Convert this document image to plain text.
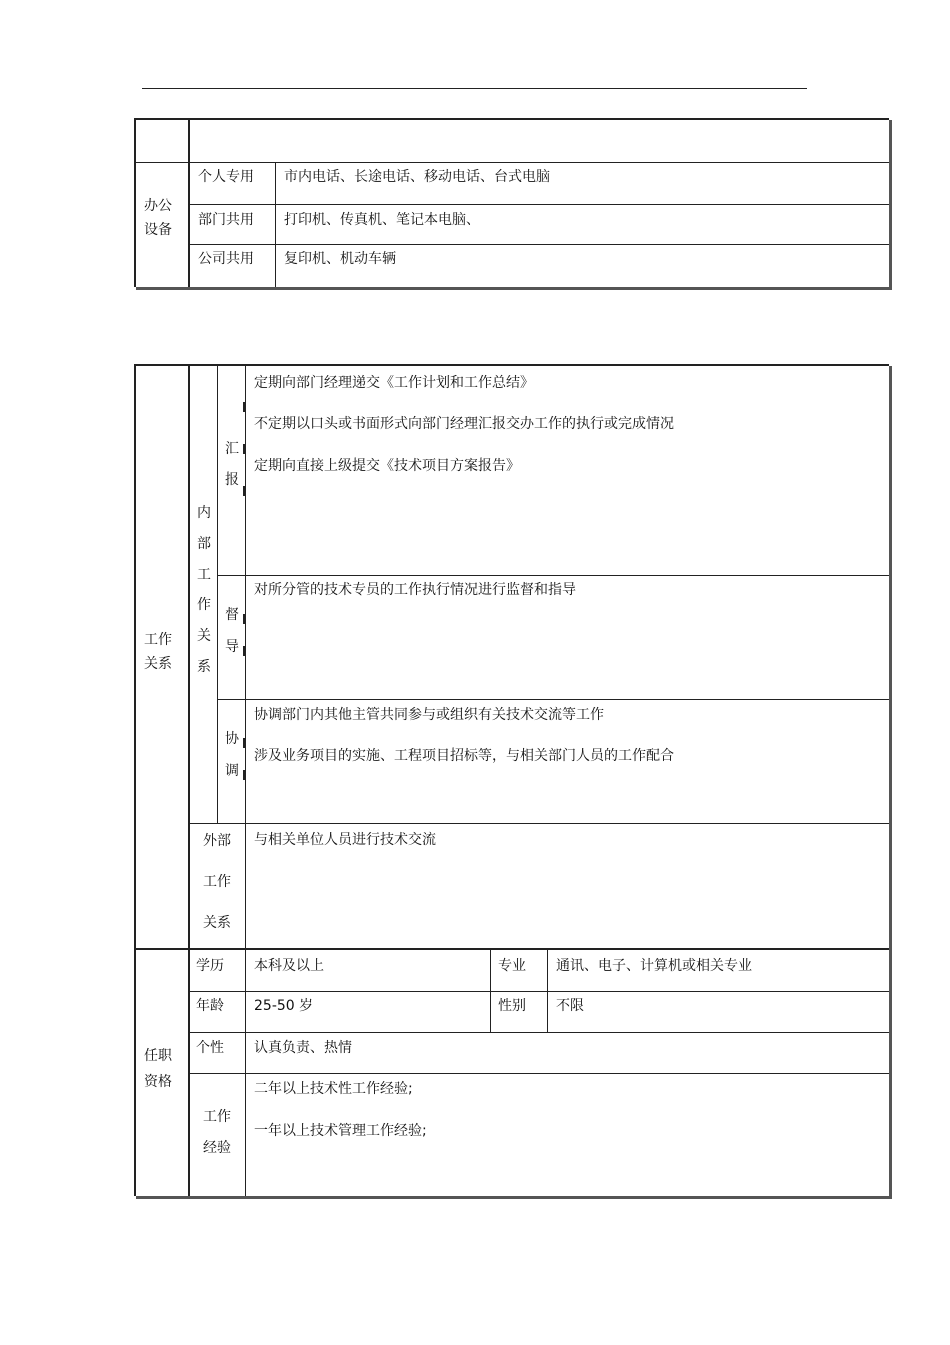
办公
设备
个人专用 市内电话、长途电话、移动电话、台式电脑
部门共用 打印机、传真机、笔记本电脑、
公司共用 复印机、机动车辆
工作
关系
内
部
工
作
关
系
汇
报
定期向部门经理递交《工作计划和工作总结》
不定期以口头或书面形式向部门经理汇报交办工作的执行或完成情况
定期向直接上级提交《技术项目方案报告》
督
导
对所分管的技术专员的工作执行情况进行监督和指导
协
调
协调部门内其他主管共同参与或组织有关技术交流等工作
涉及业务项目的实施、工程项目招标等，与相关部门人员的工作配合
外部
工作
关系
与相关单位人员进行技术交流
任职
资格
学历 本科及以上	专业 通讯、电子、计算机或相关专业
年龄 25-50 岁	性别 不限
个性 认真负责、热情
工作
经验
二年以上技术性工作经验;
一年以上技术管理工作经验;
